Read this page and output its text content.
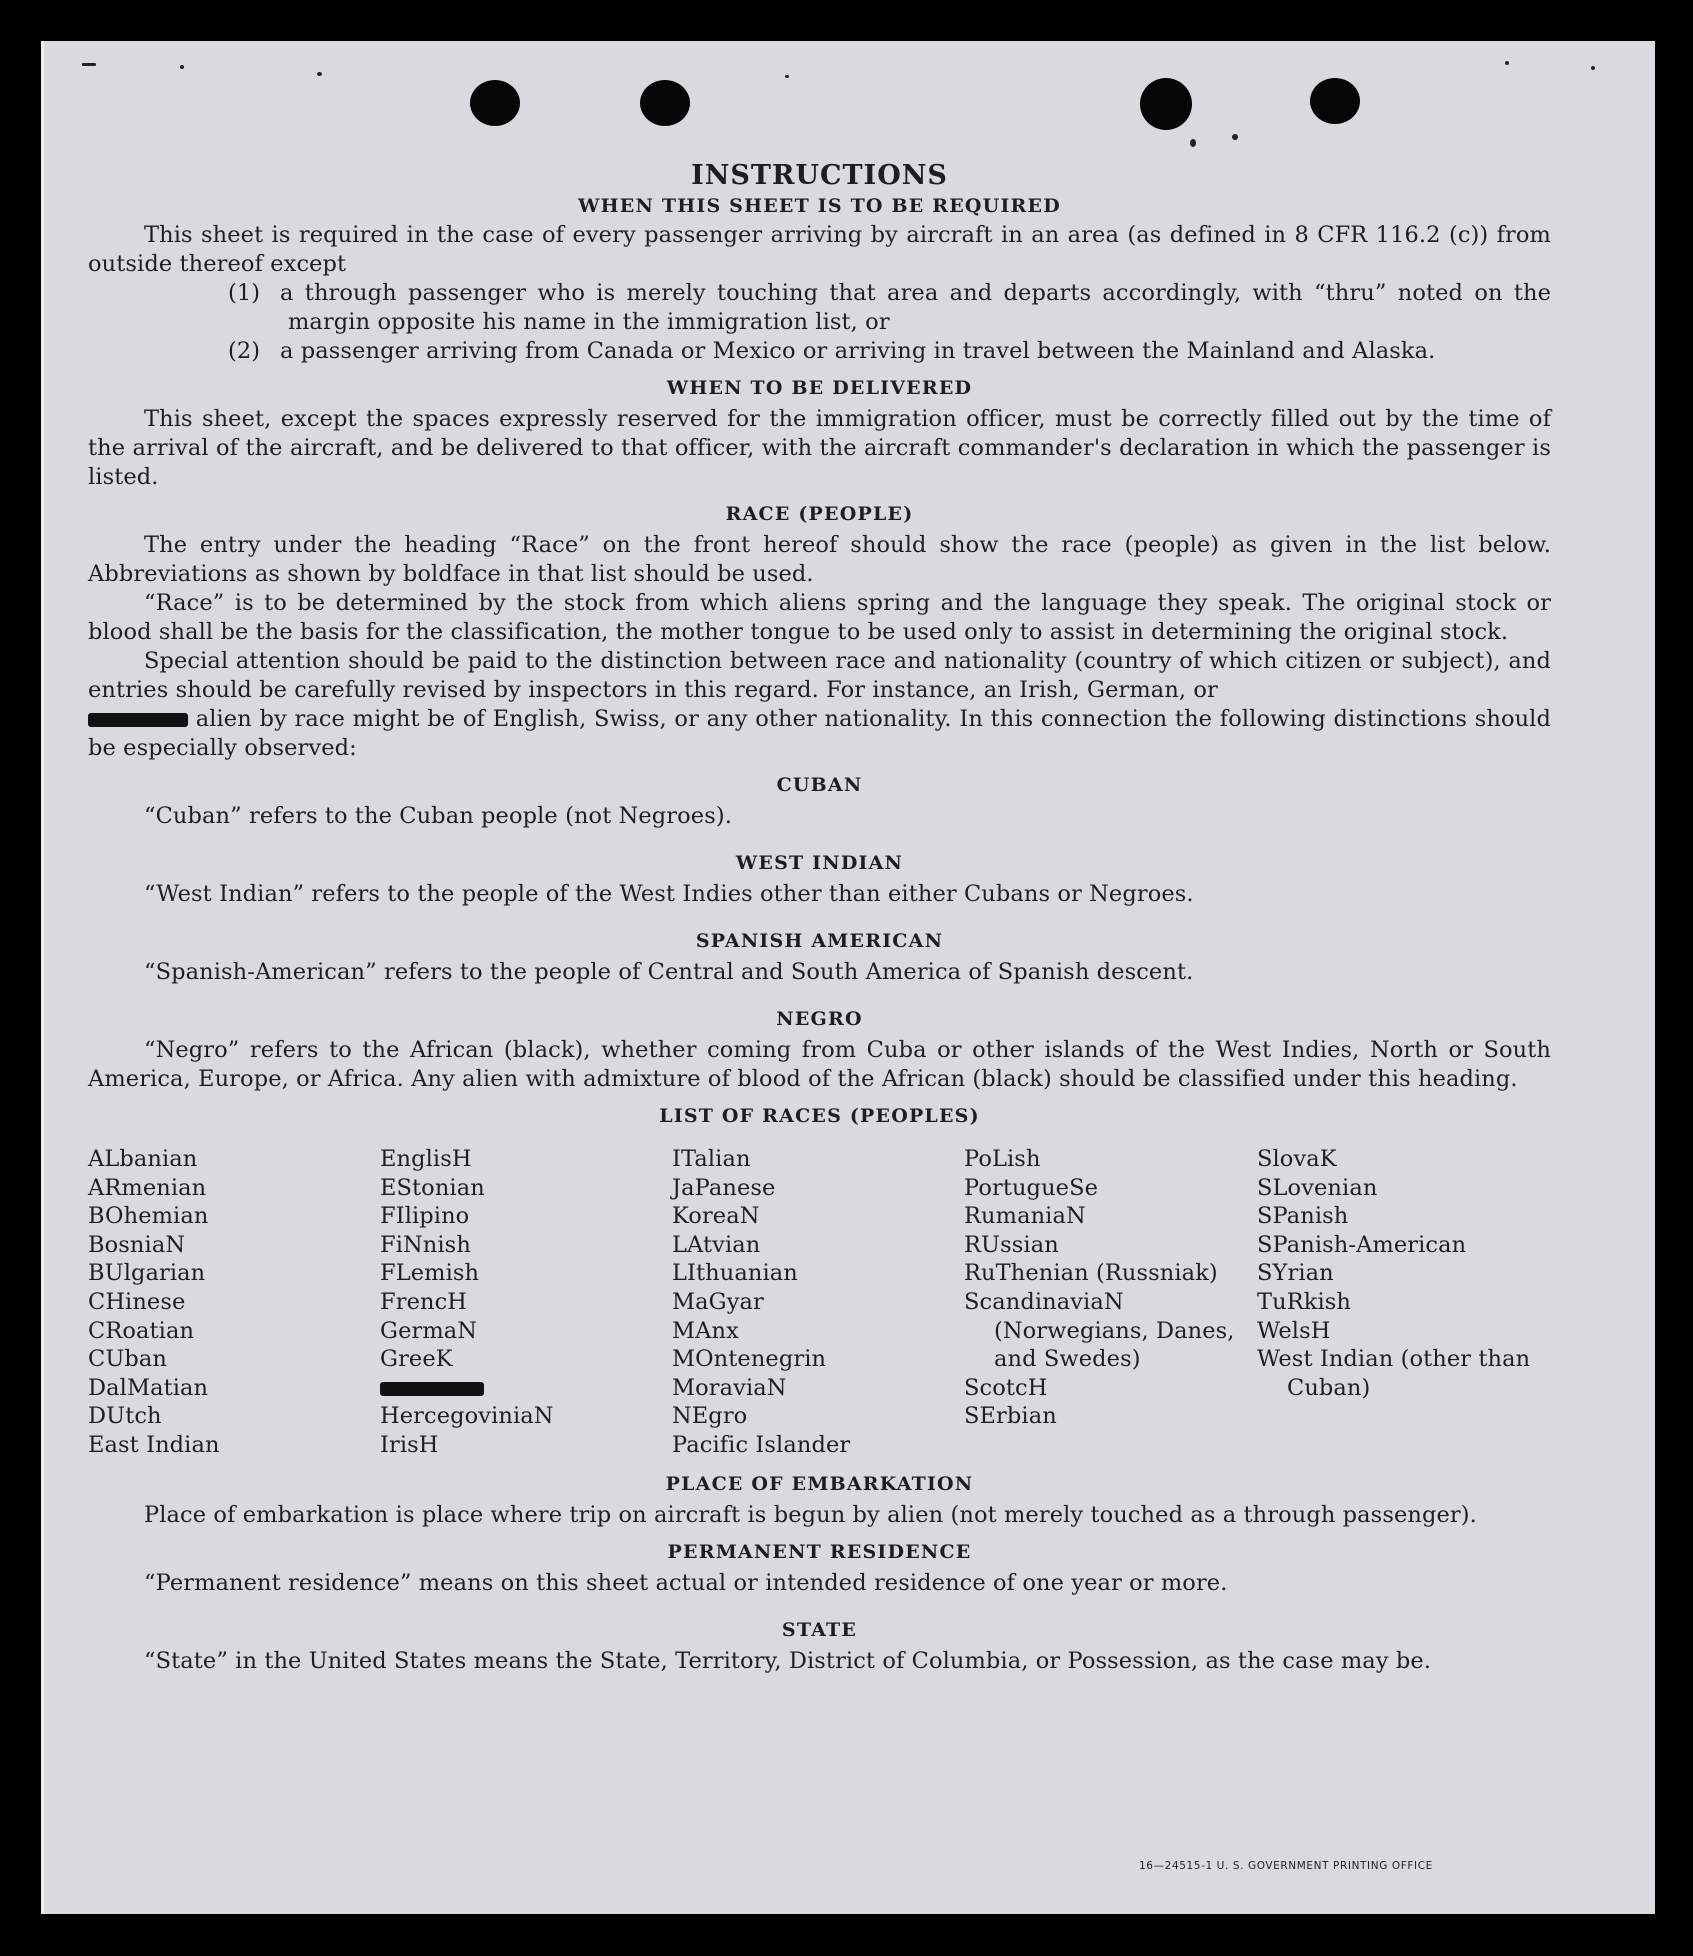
INSTRUCTIONS
WHEN THIS SHEET IS TO BE REQUIRED

This sheet is required in the case of every passenger arriving by aircraft in an area (as defined in 8 CFR 116.2 (c)) from outside thereof except

(1) a through passenger who is merely touching that area and departs accordingly, with “thru” noted on the margin opposite his name in the immigration list, or
(2) a passenger arriving from Canada or Mexico or arriving in travel between the Mainland and Alaska.
WHEN TO BE DELIVERED

This sheet, except the spaces expressly reserved for the immigration officer, must be correctly filled out by the time of the arrival of the aircraft, and be delivered to that officer, with the aircraft commander's declaration in which the passenger is listed.

RACE (PEOPLE)

The entry under the heading “Race” on the front hereof should show the race (people) as given in the list below. Abbreviations as shown by boldface in that list should be used.

“Race” is to be determined by the stock from which aliens spring and the language they speak. The original stock or blood shall be the basis for the classification, the mother tongue to be used only to assist in determining the original stock.

Special attention should be paid to the distinction between race and nationality (country of which citizen or subject), and entries should be carefully revised by inspectors in this regard. For instance, an Irish, German, or
alien by race might be of English, Swiss, or any other nationality. In this connection the following distinctions should be especially observed:

CUBAN

“Cuban” refers to the Cuban people (not Negroes).

WEST INDIAN

“West Indian” refers to the people of the West Indies other than either Cubans or Negroes.

SPANISH AMERICAN

“Spanish-American” refers to the people of Central and South America of Spanish descent.

NEGRO

“Negro” refers to the African (black), whether coming from Cuba or other islands of the West Indies, North or South America, Europe, or Africa. Any alien with admixture of blood of the African (black) should be classified under this heading.

LIST OF RACES (PEOPLES)
ALbanian
ARmenian
BOhemian
BosniaN
BUlgarian
CHinese
CRoatian
CUban
DalMatian
DUtch
East Indian
EnglisH
EStonian
FIlipino
FiNnish
FLemish
FrencH
GermaN
GreeK
HercegoviniaN
IrisH
ITalian
JaPanese
KoreaN
LAtvian
LIthuanian
MaGyar
MAnx
MOntenegrin
MoraviaN
NEgro
Pacific Islander
PoLish
PortugueSe
RumaniaN
RUssian
RuThenian (Russniak)
ScandinaviaN (Norwegians, Danes, and Swedes)
ScotcH
SErbian
SlovaK
SLovenian
SPanish
SPanish-American
SYrian
TuRkish
WelsH
West Indian (other than Cuban)
PLACE OF EMBARKATION

Place of embarkation is place where trip on aircraft is begun by alien (not merely touched as a through passenger).

PERMANENT RESIDENCE

“Permanent residence” means on this sheet actual or intended residence of one year or more.

STATE

“State” in the United States means the State, Territory, District of Columbia, or Possession, as the case may be.

16—24515-1 U. S. GOVERNMENT PRINTING OFFICE
